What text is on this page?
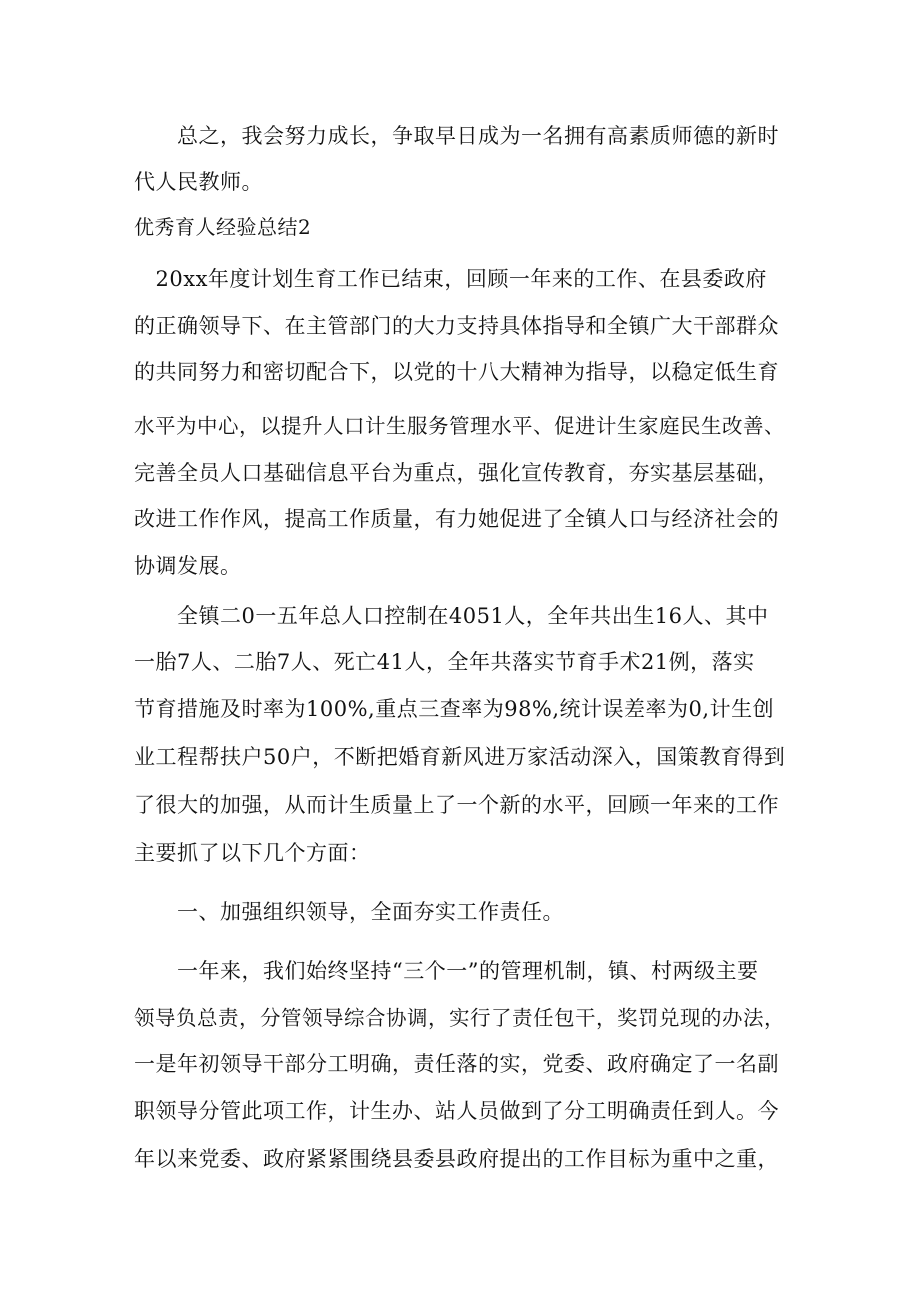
　　总之，我会努力成长，争取早日成为一名拥有高素质师德的新时
代人民教师。
优秀育人经验总结2
　20xx年度计划生育工作已结束，回顾一年来的工作、在县委政府
的正确领导下、在主管部门的大力支持具体指导和全镇广大干部群众
的共同努力和密切配合下，以党的十八大精神为指导，以稳定低生育
水平为中心，以提升人口计生服务管理水平、促进计生家庭民生改善、
完善全员人口基础信息平台为重点，强化宣传教育，夯实基层基础，
改进工作作风，提高工作质量，有力她促进了全镇人口与经济社会的
协调发展。
　　全镇二0一五年总人口控制在4051人，全年共出生16人、其中
一胎7人、二胎7人、死亡41人，全年共落实节育手术21例，落实
节育措施及时率为100%,重点三查率为98%,统计误差率为0,计生创
业工程帮扶户50户，不断把婚育新风进万家活动深入，国策教育得到
了很大的加强，从而计生质量上了一个新的水平，回顾一年来的工作
主要抓了以下几个方面：
　　一、加强组织领导，全面夯实工作责任。
　　一年来，我们始终坚持“三个一”的管理机制，镇、村两级主要
领导负总责，分管领导综合协调，实行了责任包干，奖罚兑现的办法，
一是年初领导干部分工明确，责任落的实，党委、政府确定了一名副
职领导分管此项工作，计生办、站人员做到了分工明确责任到人。今
年以来党委、政府紧紧围绕县委县政府提出的工作目标为重中之重，
